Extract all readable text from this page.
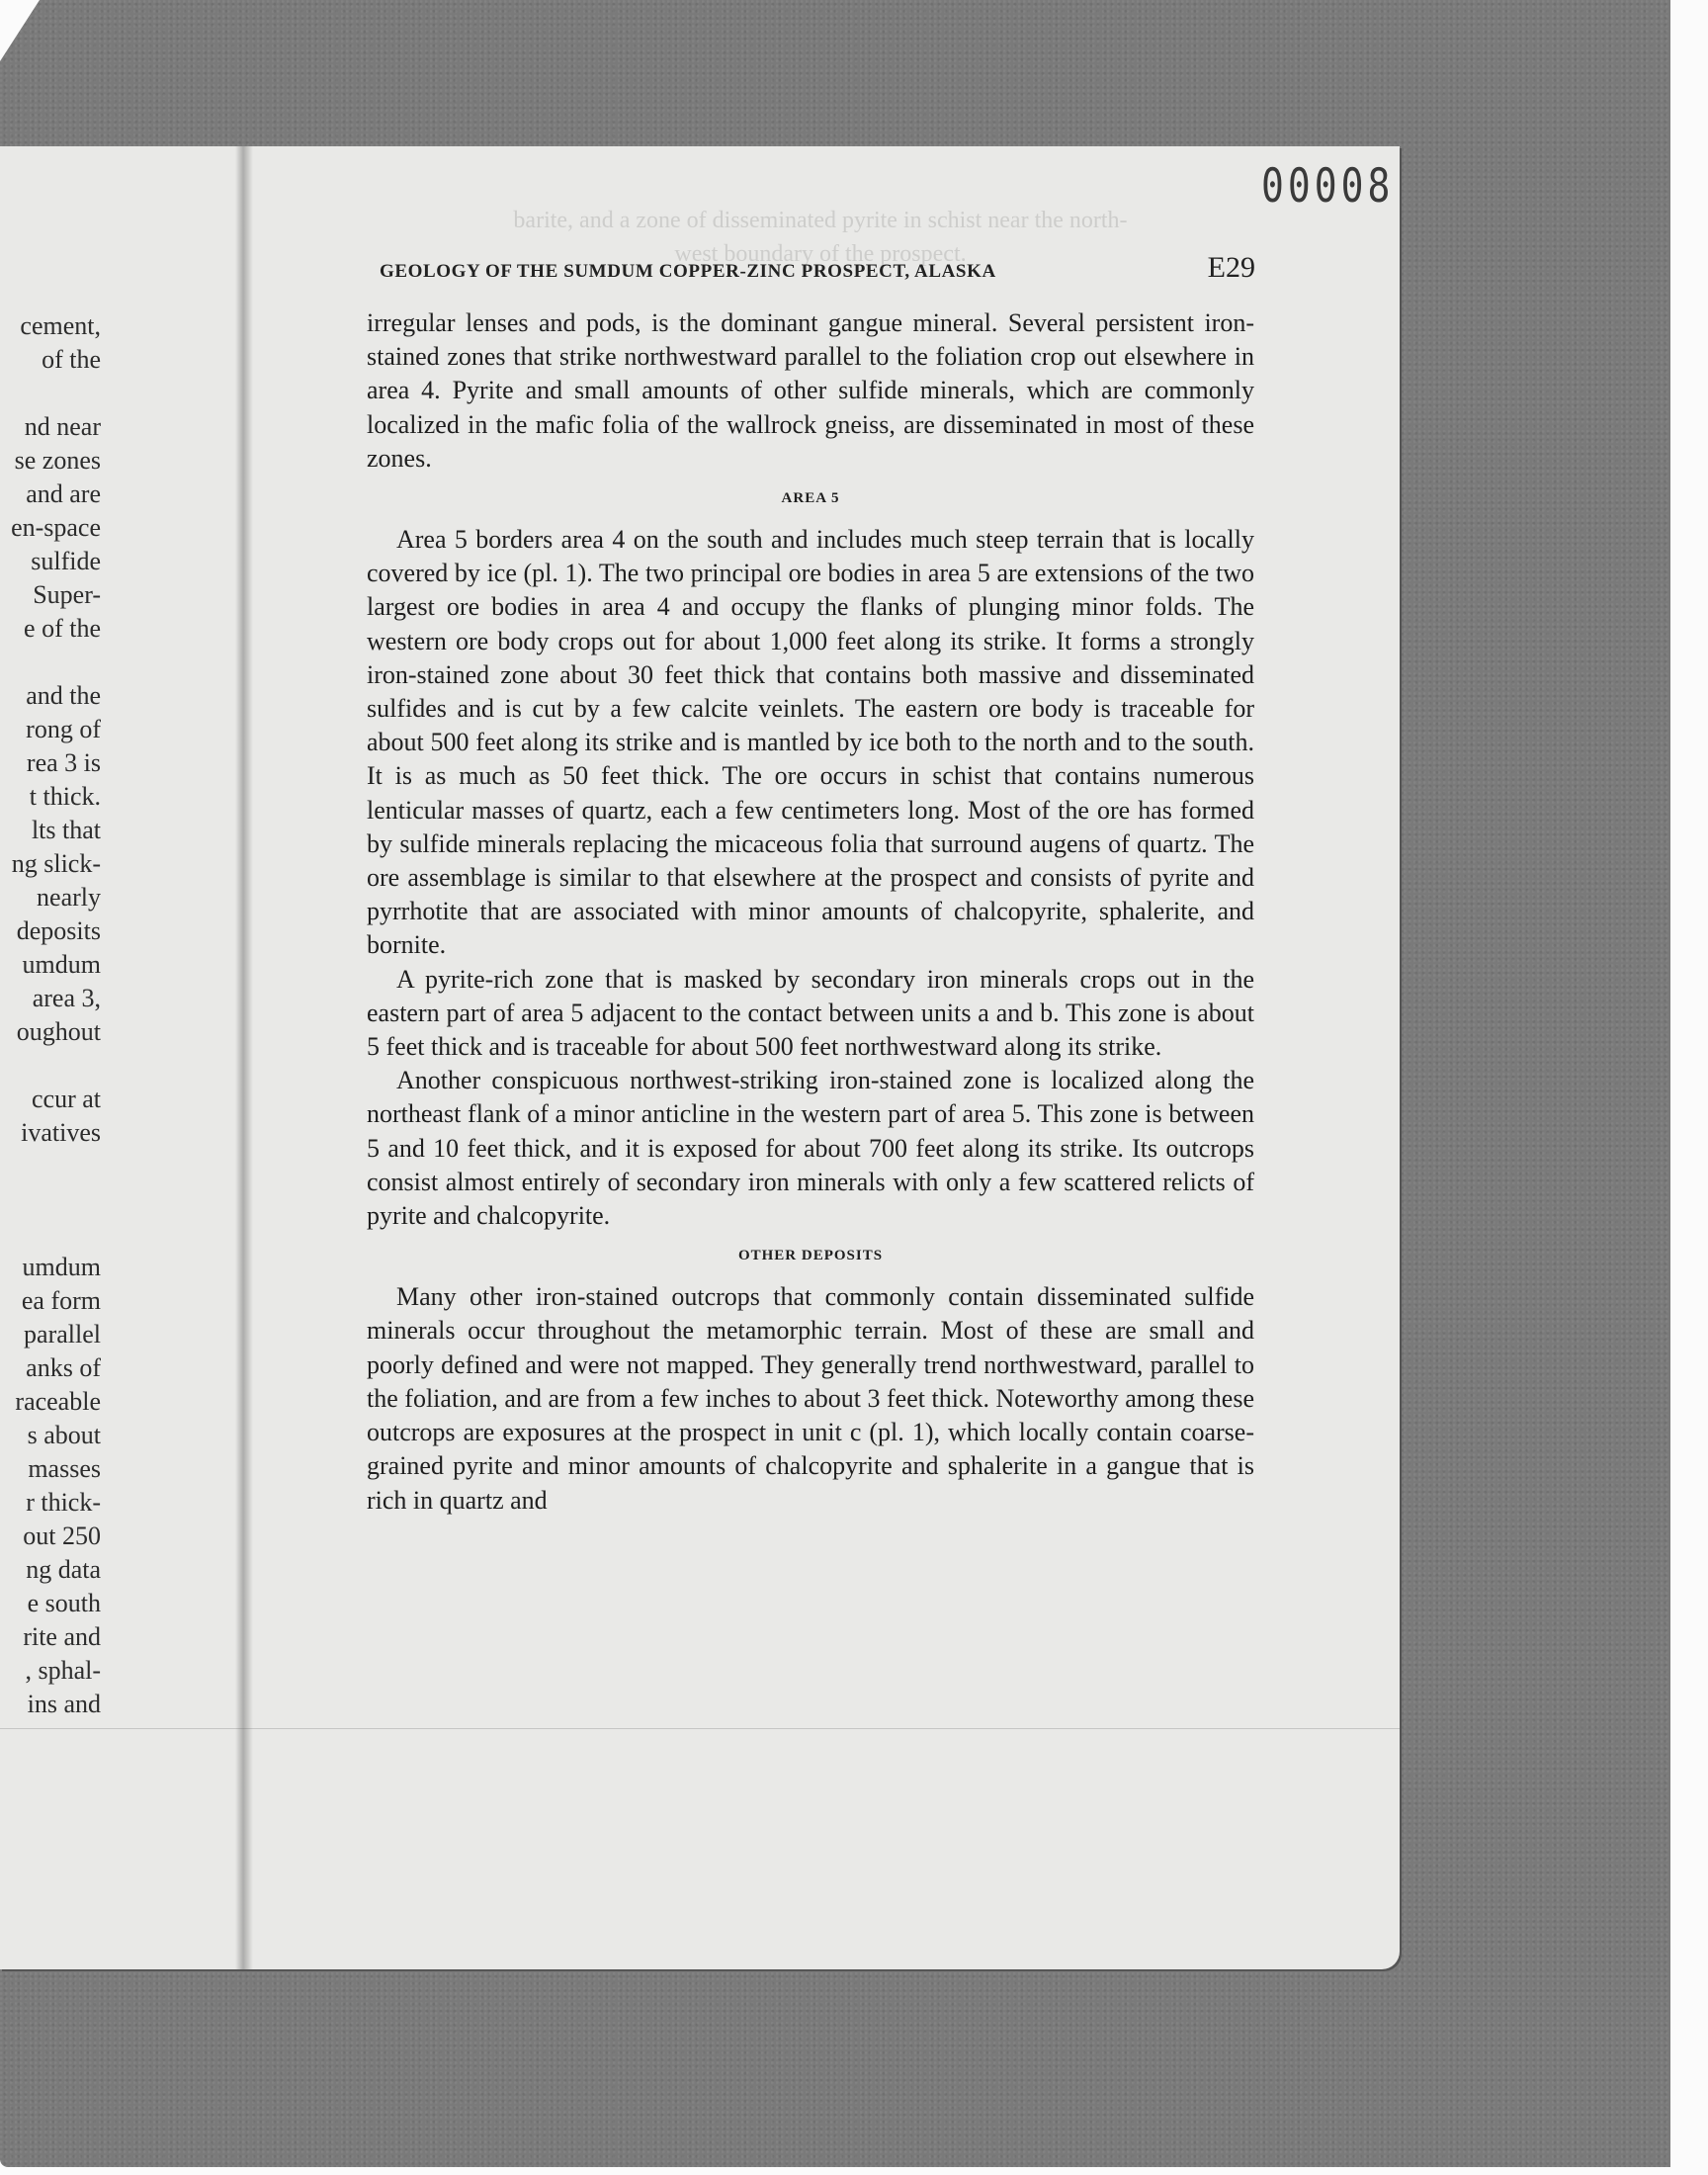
barite, and a zone of disseminated pyrite in schist near the north-
west boundary of the prospect.
00008
GEOLOGY OF THE SUMDUM COPPER-ZINC PROSPECT, ALASKA	E29
cement,
of the
nd near
se zones
and are
en-space
sulfide
Super-
e of the
and the
rong of
rea 3 is
t thick.
lts that
ng slick-
nearly
deposits
umdum
area 3,
oughout
ccur at
ivatives
umdum
ea form
parallel
anks of
raceable
s about
masses
r thick-
out 250
ng data
e south
rite and
, sphal-
ins and

irregular lenses and pods, is the dominant gangue mineral. Several persistent iron-stained zones that strike northwestward parallel to the foliation crop out elsewhere in area 4. Pyrite and small amounts of other sulfide minerals, which are commonly localized in the mafic folia of the wallrock gneiss, are disseminated in most of these zones.

AREA 5

Area 5 borders area 4 on the south and includes much steep terrain that is locally covered by ice (pl. 1). The two principal ore bodies in area 5 are extensions of the two largest ore bodies in area 4 and occupy the flanks of plunging minor folds. The western ore body crops out for about 1,000 feet along its strike. It forms a strongly iron-stained zone about 30 feet thick that contains both massive and disseminated sulfides and is cut by a few calcite veinlets. The eastern ore body is traceable for about 500 feet along its strike and is mantled by ice both to the north and to the south. It is as much as 50 feet thick. The ore occurs in schist that contains numerous lenticular masses of quartz, each a few centimeters long. Most of the ore has formed by sulfide minerals replacing the micaceous folia that surround augens of quartz. The ore assemblage is similar to that elsewhere at the prospect and consists of pyrite and pyrrhotite that are associated with minor amounts of chalcopyrite, sphalerite, and bornite.

A pyrite-rich zone that is masked by secondary iron minerals crops out in the eastern part of area 5 adjacent to the contact between units a and b. This zone is about 5 feet thick and is traceable for about 500 feet northwestward along its strike.

Another conspicuous northwest-striking iron-stained zone is localized along the northeast flank of a minor anticline in the western part of area 5. This zone is between 5 and 10 feet thick, and it is exposed for about 700 feet along its strike. Its outcrops consist almost entirely of secondary iron minerals with only a few scattered relicts of pyrite and chalcopyrite.

OTHER DEPOSITS

Many other iron-stained outcrops that commonly contain disseminated sulfide minerals occur throughout the metamorphic terrain. Most of these are small and poorly defined and were not mapped. They generally trend northwestward, parallel to the foliation, and are from a few inches to about 3 feet thick. Noteworthy among these outcrops are exposures at the prospect in unit c (pl. 1), which locally contain coarse-grained pyrite and minor amounts of chalcopyrite and sphalerite in a gangue that is rich in quartz and
